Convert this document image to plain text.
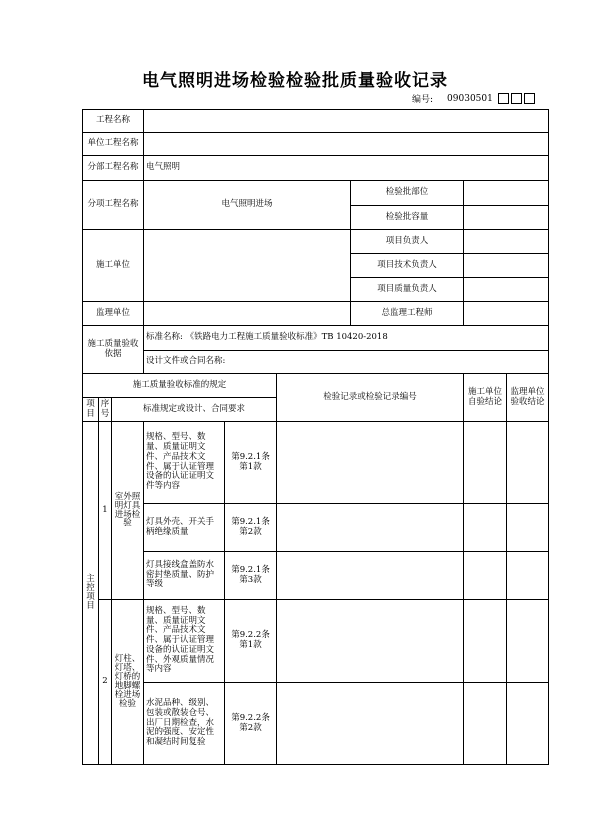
电气照明进场检验检验批质量验收记录
编号: 09030501
工程名称								
单位工程名称								
分部工程名称			电气照明					
分项工程名称			电气照明进场			检验批部位		
						检验批容量		
施工单位						项目负责人		
						项目技术负责人		
						项目质量负责人		
监理单位						总监理工程师		
施工质量验收依据			标准名称: 《铁路电力工程施工质量验收标准》TB 10420-2018					
			设计文件或合同名称:					
施工质量验收标准的规定					检验记录或检验记录编号		施工单位自验结论	监理单位验收结论
项目	序号	标准规定或设计、合同要求						
主控项目	1	室外照明灯具进场检验	规格、型号、数量、质量证明文件、产品技术文件、属于认证管理设备的认证证明文件等内容	第9.2.1条第1款				
			灯具外壳、开关手柄绝缘质量	第9.2.1条第2款				
			灯具接线盒盖防水密封垫质量、防护等级	第9.2.1条第3款				
	2	灯柱、灯塔、灯桥的地脚螺栓进场检验	规格、型号、数量、质量证明文件、产品技术文件、属于认证管理设备的认证证明文件、外观质量情况等内容	第9.2.2条第1款				
			水泥品种、级别、包装或散装仓号、出厂日期检查，水泥的强度、安定性和凝结时间复验	第9.2.2条第2款				
